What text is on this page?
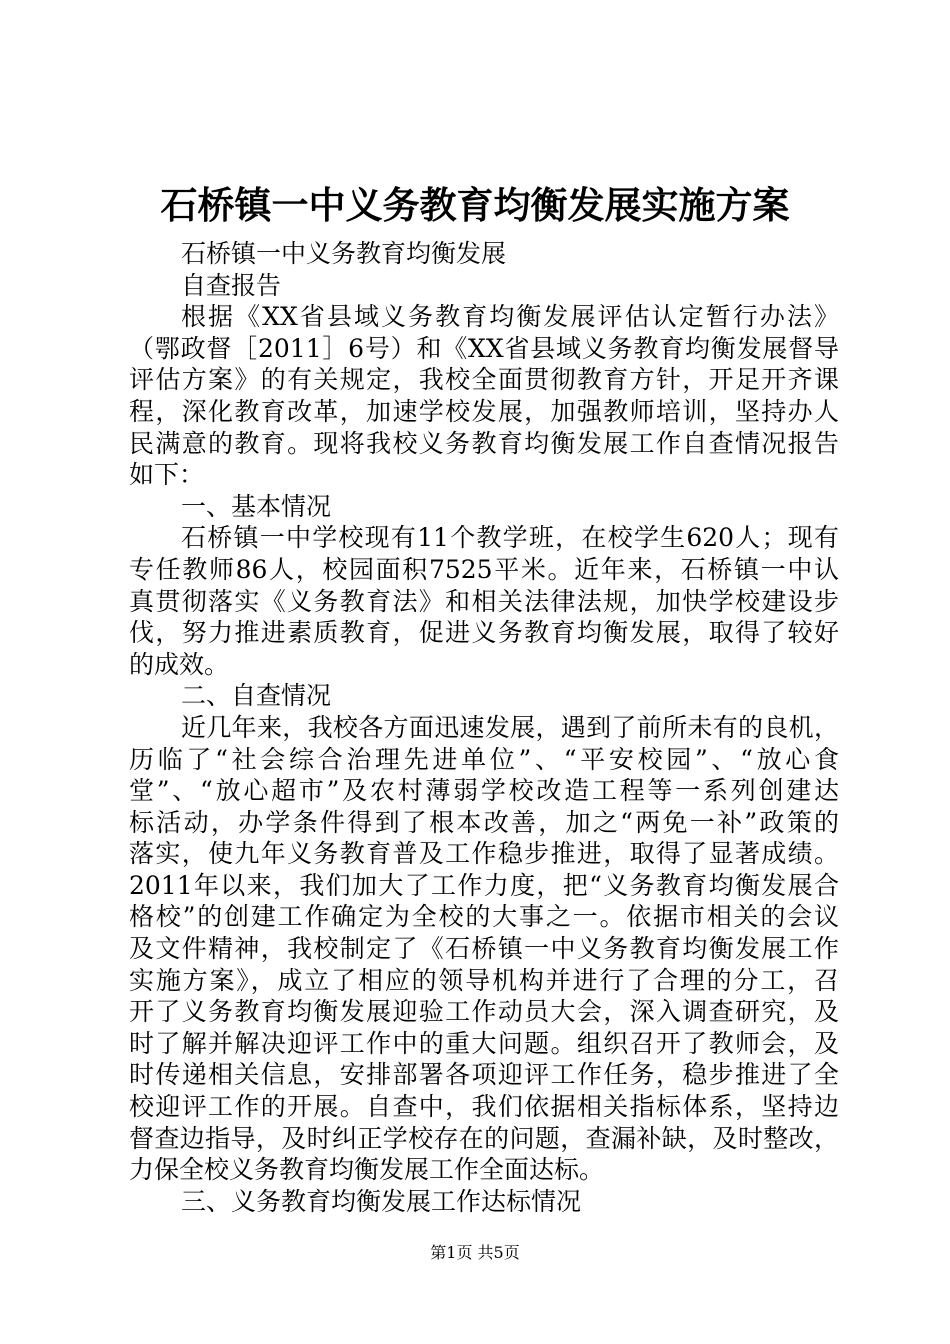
石桥镇一中义务教育均衡发展实施方案
石桥镇一中义务教育均衡发展
自查报告
根据《XX省县域义务教育均衡发展评估认定暂行办法》
（鄂政督［2011］6号）和《XX省县域义务教育均衡发展督导
评估方案》的有关规定，我校全面贯彻教育方针，开足开齐课
程，深化教育改革，加速学校发展，加强教师培训，坚持办人
民满意的教育。现将我校义务教育均衡发展工作自查情况报告
如下：
一、基本情况
石桥镇一中学校现有11个教学班，在校学生620人；现有
专任教师86人，校园面积7525平米。近年来，石桥镇一中认
真贯彻落实《义务教育法》和相关法律法规，加快学校建设步
伐，努力推进素质教育，促进义务教育均衡发展，取得了较好
的成效。
二、自查情况
近几年来，我校各方面迅速发展，遇到了前所未有的良机，
历临了“社会综合治理先进单位”、“平安校园”、“放心食
堂”、“放心超市”及农村薄弱学校改造工程等一系列创建达
标活动，办学条件得到了根本改善，加之“两免一补”政策的
落实，使九年义务教育普及工作稳步推进，取得了显著成绩。
2011年以来，我们加大了工作力度，把“义务教育均衡发展合
格校”的创建工作确定为全校的大事之一。依据市相关的会议
及文件精神，我校制定了《石桥镇一中义务教育均衡发展工作
实施方案》，成立了相应的领导机构并进行了合理的分工，召
开了义务教育均衡发展迎验工作动员大会，深入调查研究，及
时了解并解决迎评工作中的重大问题。组织召开了教师会，及
时传递相关信息，安排部署各项迎评工作任务，稳步推进了全
校迎评工作的开展。自查中，我们依据相关指标体系，坚持边
督查边指导，及时纠正学校存在的问题，查漏补缺，及时整改，
力保全校义务教育均衡发展工作全面达标。
三、义务教育均衡发展工作达标情况
第1页 共5页
